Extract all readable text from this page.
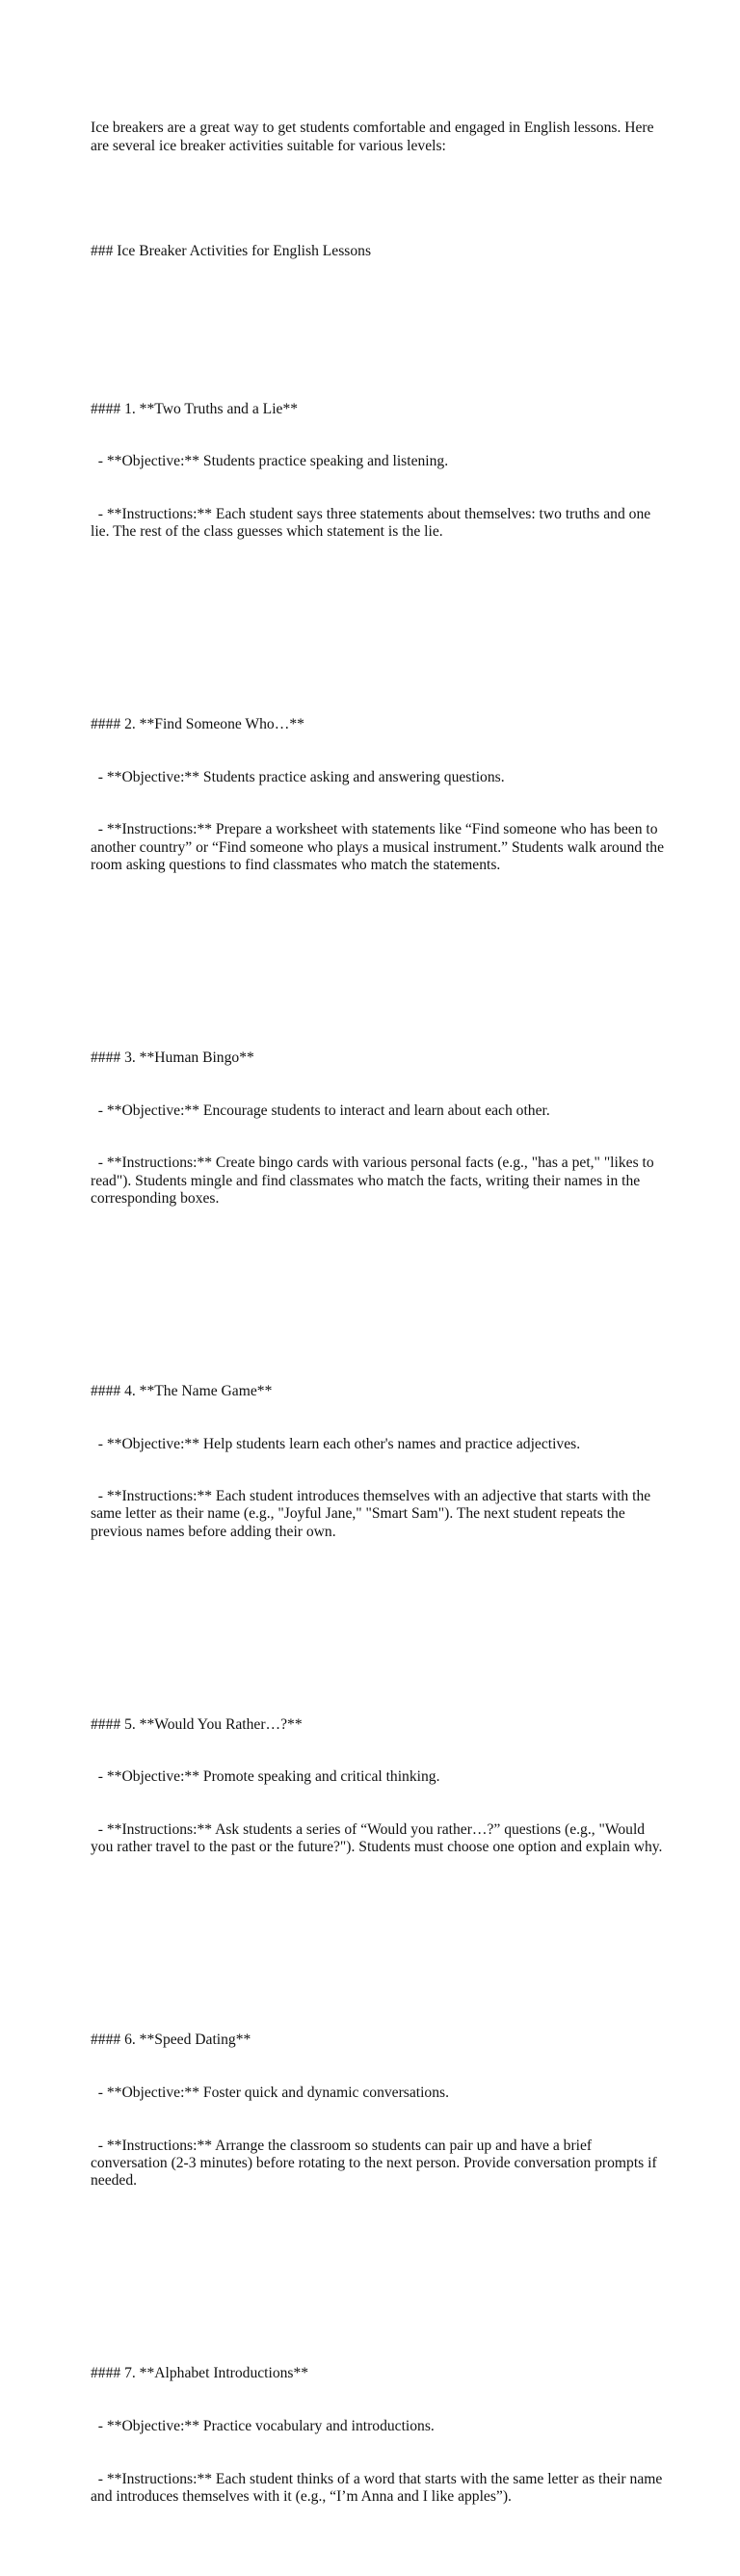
Ice breakers are a great way to get students comfortable and engaged in English lessons. Here are several ice breaker activities suitable for various levels:

### Ice Breaker Activities for English Lessons

#### 1. **Two Truths and a Lie**

- **Objective:** Students practice speaking and listening.

- **Instructions:** Each student says three statements about themselves: two truths and one lie. The rest of the class guesses which statement is the lie.

#### 2. **Find Someone Who…**

- **Objective:** Students practice asking and answering questions.

- **Instructions:** Prepare a worksheet with statements like “Find someone who has been to another country” or “Find someone who plays a musical instrument.” Students walk around the room asking questions to find classmates who match the statements.

#### 3. **Human Bingo**

- **Objective:** Encourage students to interact and learn about each other.

- **Instructions:** Create bingo cards with various personal facts (e.g., "has a pet," "likes to read"). Students mingle and find classmates who match the facts, writing their names in the corresponding boxes.

#### 4. **The Name Game**

- **Objective:** Help students learn each other's names and practice adjectives.

- **Instructions:** Each student introduces themselves with an adjective that starts with the same letter as their name (e.g., "Joyful Jane," "Smart Sam"). The next student repeats the previous names before adding their own.

#### 5. **Would You Rather…?**

- **Objective:** Promote speaking and critical thinking.

- **Instructions:** Ask students a series of “Would you rather…?” questions (e.g., "Would you rather travel to the past or the future?"). Students must choose one option and explain why.

#### 6. **Speed Dating**

- **Objective:** Foster quick and dynamic conversations.

- **Instructions:** Arrange the classroom so students can pair up and have a brief conversation (2-3 minutes) before rotating to the next person. Provide conversation prompts if needed.

#### 7. **Alphabet Introductions**

- **Objective:** Practice vocabulary and introductions.

- **Instructions:** Each student thinks of a word that starts with the same letter as their name and introduces themselves with it (e.g., “I’m Anna and I like apples”).
